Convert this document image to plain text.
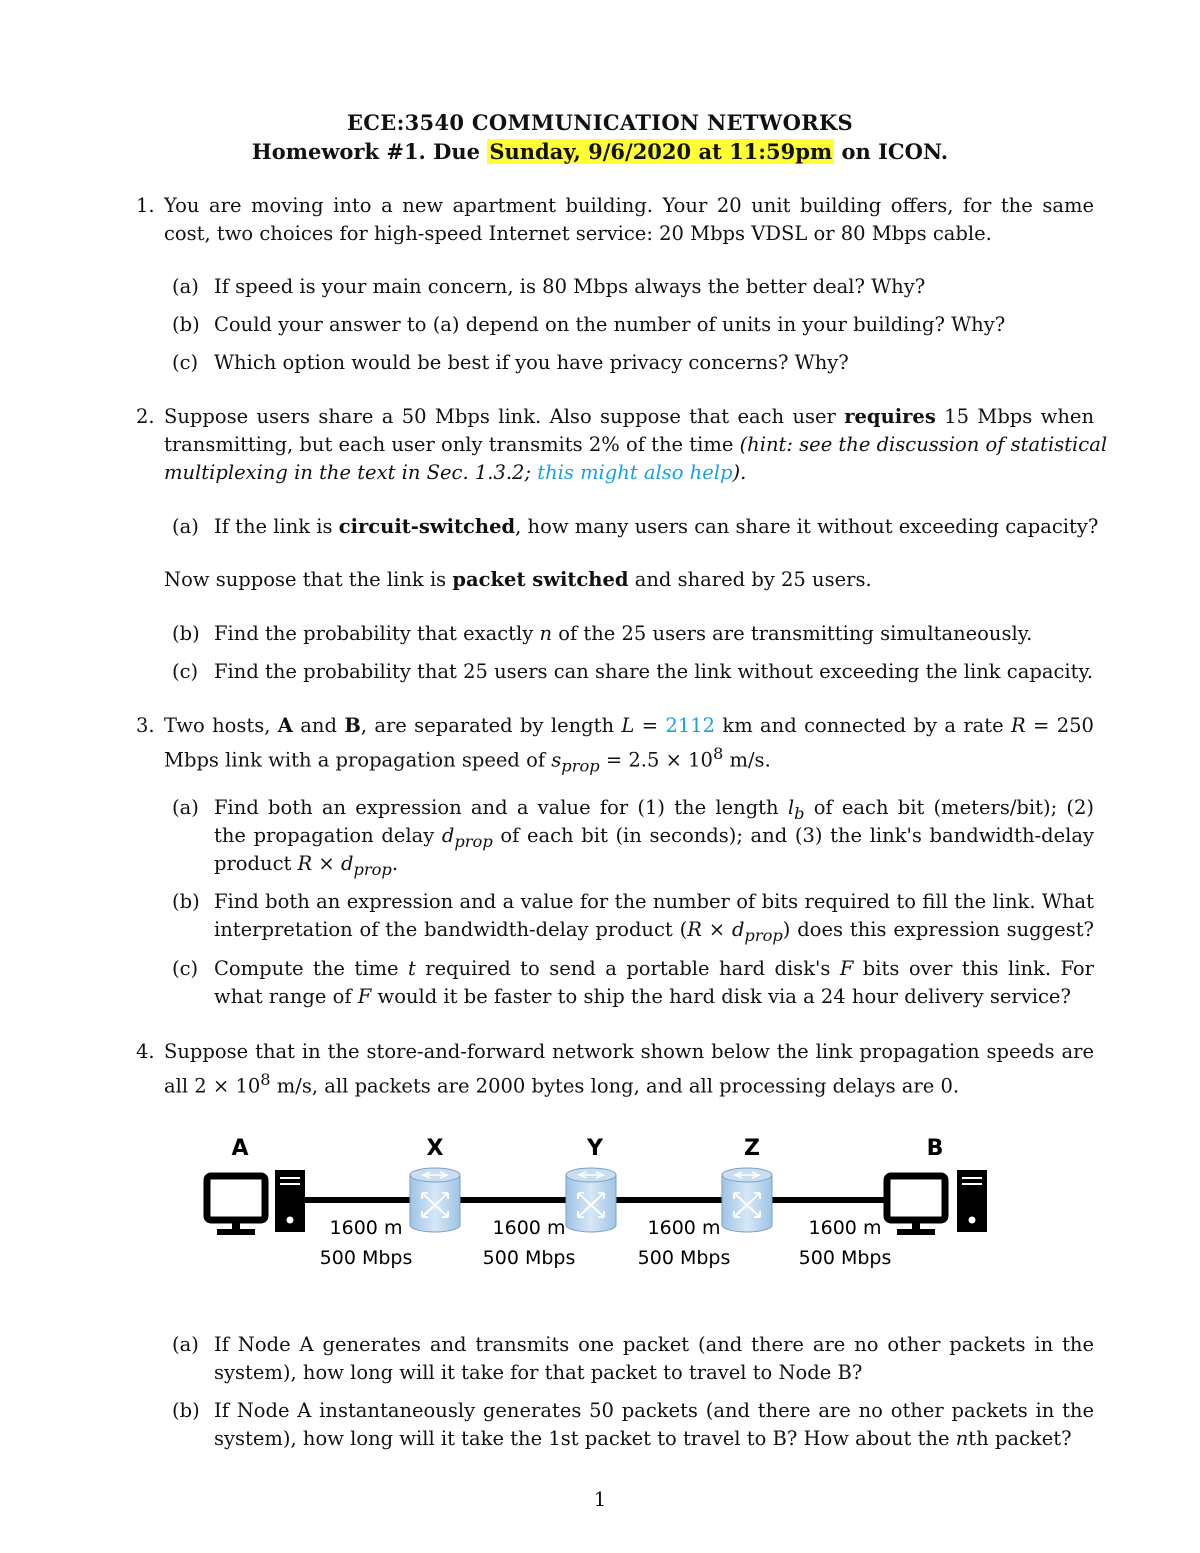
ECE:3540 COMMUNICATION NETWORKS
Homework #1. Due Sunday, 9/6/2020 at 11:59pm on ICON.
1. You are moving into a new apartment building. Your 20 unit building offers, for the same
cost, two choices for high-speed Internet service: 20 Mbps VDSL or 80 Mbps cable.
(a) If speed is your main concern, is 80 Mbps always the better deal? Why?
(b) Could your answer to (a) depend on the number of units in your building? Why?
(c) Which option would be best if you have privacy concerns? Why?
2. Suppose users share a 50 Mbps link. Also suppose that each user requires 15 Mbps when
transmitting, but each user only transmits 2% of the time (hint: see the discussion of statistical
multiplexing in the text in Sec. 1.3.2; this might also help).
(a) If the link is circuit-switched, how many users can share it without exceeding capacity?
Now suppose that the link is packet switched and shared by 25 users.
(b) Find the probability that exactly n of the 25 users are transmitting simultaneously.
(c) Find the probability that 25 users can share the link without exceeding the link capacity.
3. Two hosts, A and B, are separated by length L = 2112 km and connected by a rate R = 250
Mbps link with a propagation speed of $s_{prop} = 2.5 \times 10^8$ m/s.
(a) Find both an expression and a value for (1) the length $l_b$ of each bit (meters/bit); (2)
the propagation delay $d_{prop}$ of each bit (in seconds); and (3) the link's bandwidth-delay
product $R \times d_{prop}$.
(b) Find both an expression and a value for the number of bits required to fill the link. What
interpretation of the bandwidth-delay product $(R \times d_{prop})$ does this expression suggest?
(c) Compute the time t required to send a portable hard disk's F bits over this link. For
what range of F would it be faster to ship the hard disk via a 24 hour delivery service?
4. Suppose that in the store-and-forward network shown below the link propagation speeds are
all $2 \times 10^8$ m/s, all packets are 2000 bytes long, and all processing delays are 0.
A	X	Y	Z	B
1600 m
500 Mbps
1600 m
500 Mbps
1600 m
500 Mbps
1600 m
500 Mbps
(a) If Node A generates and transmits one packet (and there are no other packets in the
system), how long will it take for that packet to travel to Node B?
(b) If Node A instantaneously generates 50 packets (and there are no other packets in the
system), how long will it take the 1st packet to travel to B? How about the nth packet?
1
